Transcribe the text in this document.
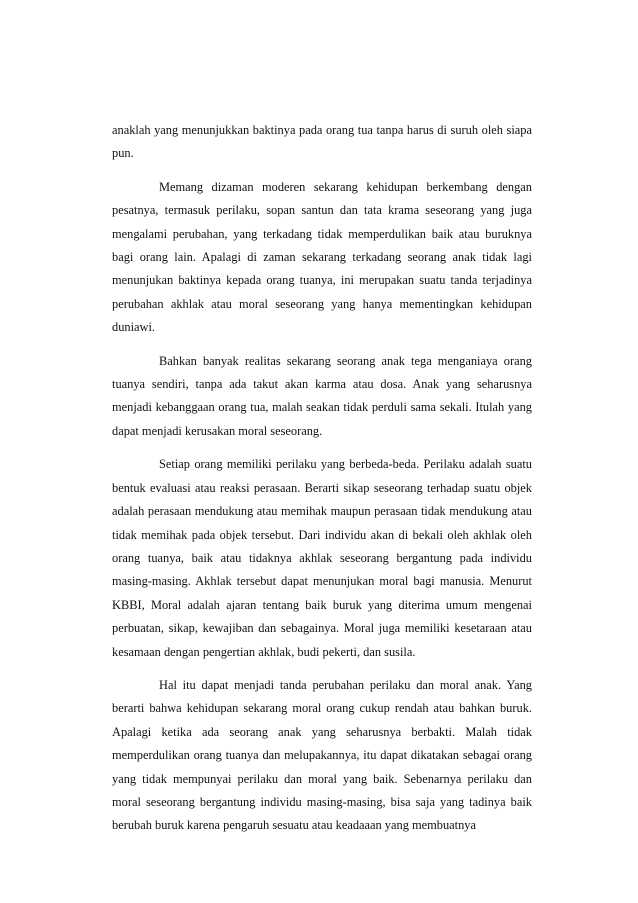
anaklah yang menunjukkan baktinya pada orang tua tanpa harus di suruh oleh siapa pun.

Memang dizaman moderen sekarang kehidupan berkembang dengan pesatnya, termasuk perilaku, sopan santun dan tata krama seseorang yang juga mengalami perubahan, yang terkadang tidak memperdulikan baik atau buruknya bagi orang lain. Apalagi di zaman sekarang terkadang seorang anak tidak lagi menunjukan baktinya kepada orang tuanya, ini merupakan suatu tanda terjadinya perubahan akhlak atau moral seseorang yang hanya mementingkan kehidupan duniawi.

Bahkan banyak realitas sekarang seorang anak tega menganiaya orang tuanya sendiri, tanpa ada takut akan karma atau dosa. Anak yang seharusnya menjadi kebanggaan orang tua, malah seakan tidak perduli sama sekali. Itulah yang dapat menjadi kerusakan moral seseorang.

Setiap orang memiliki perilaku yang berbeda-beda. Perilaku adalah suatu bentuk evaluasi atau reaksi perasaan. Berarti sikap seseorang terhadap suatu objek adalah perasaan mendukung atau memihak maupun perasaan tidak mendukung atau tidak memihak pada objek tersebut. Dari individu akan di bekali oleh akhlak oleh orang tuanya, baik atau tidaknya akhlak seseorang bergantung pada individu masing-masing. Akhlak tersebut dapat menunjukan moral bagi manusia. Menurut KBBI, Moral adalah ajaran tentang baik buruk yang diterima umum mengenai perbuatan, sikap, kewajiban dan sebagainya. Moral juga memiliki kesetaraan atau kesamaan dengan pengertian akhlak, budi pekerti, dan susila.

Hal itu dapat menjadi tanda perubahan perilaku dan moral anak. Yang berarti bahwa kehidupan sekarang moral orang cukup rendah atau bahkan buruk. Apalagi ketika ada seorang anak yang seharusnya berbakti. Malah tidak memperdulikan orang tuanya dan melupakannya, itu dapat dikatakan sebagai orang yang tidak mempunyai perilaku dan moral yang baik. Sebenarnya perilaku dan moral seseorang bergantung individu masing-masing, bisa saja yang tadinya baik berubah buruk karena pengaruh sesuatu atau keadaaan yang membuatnya
